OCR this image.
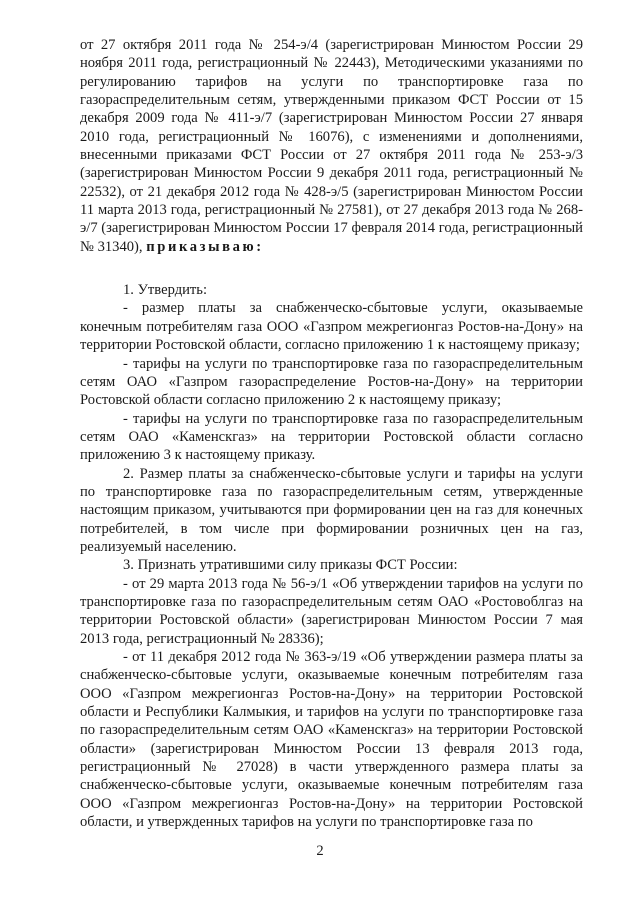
от 27 октября 2011 года № 254-э/4 (зарегистрирован Минюстом России 29 ноября 2011 года, регистрационный № 22443), Методическими указаниями по регулированию тарифов на услуги по транспортировке газа по газораспределительным сетям, утвержденными приказом ФСТ России от 15 декабря 2009 года № 411-э/7 (зарегистрирован Минюстом России 27 января 2010 года, регистрационный № 16076), с изменениями и дополнениями, внесенными приказами ФСТ России от 27 октября 2011 года № 253-э/3 (зарегистрирован Минюстом России 9 декабря 2011 года, регистрационный № 22532), от 21 декабря 2012 года № 428-э/5 (зарегистрирован Минюстом России 11 марта 2013 года, регистрационный № 27581), от 27 декабря 2013 года № 268-э/7 (зарегистрирован Минюстом России 17 февраля 2014 года, регистрационный № 31340), приказываю:

1. Утвердить:

- размер платы за снабженческо-сбытовые услуги, оказываемые конечным потребителям газа ООО «Газпром межрегионгаз Ростов-на-Дону» на территории Ростовской области, согласно приложению 1 к настоящему приказу;

- тарифы на услуги по транспортировке газа по газораспределительным сетям ОАО «Газпром газораспределение Ростов-на-Дону» на территории Ростовской области согласно приложению 2 к настоящему приказу;

- тарифы на услуги по транспортировке газа по газораспределительным сетям ОАО «Каменскгаз» на территории Ростовской области согласно приложению 3 к настоящему приказу.

2. Размер платы за снабженческо-сбытовые услуги и тарифы на услуги по транспортировке газа по газораспределительным сетям, утвержденные настоящим приказом, учитываются при формировании цен на газ для конечных потребителей, в том числе при формировании розничных цен на газ, реализуемый населению.

3. Признать утратившими силу приказы ФСТ России:

- от 29 марта 2013 года № 56-э/1 «Об утверждении тарифов на услуги по транспортировке газа по газораспределительным сетям ОАО «Ростовоблгаз на территории Ростовской области» (зарегистрирован Минюстом России 7 мая 2013 года, регистрационный № 28336);

- от 11 декабря 2012 года № 363-э/19 «Об утверждении размера платы за снабженческо-сбытовые услуги, оказываемые конечным потребителям газа ООО «Газпром межрегионгаз Ростов-на-Дону» на территории Ростовской области и Республики Калмыкия, и тарифов на услуги по транспортировке газа по газораспределительным сетям ОАО «Каменскгаз» на территории Ростовской области» (зарегистрирован Минюстом России 13 февраля 2013 года, регистрационный № 27028) в части утвержденного размера платы за снабженческо-сбытовые услуги, оказываемые конечным потребителям газа ООО «Газпром межрегионгаз Ростов-на-Дону» на территории Ростовской области, и утвержденных тарифов на услуги по транспортировке газа по

2
